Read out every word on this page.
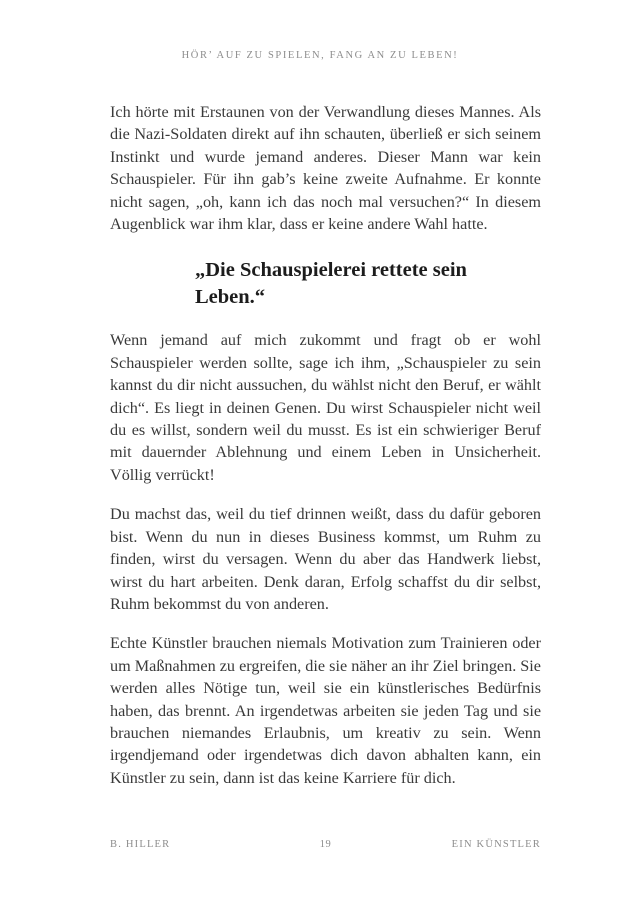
HÖR’ AUF ZU SPIELEN, FANG AN ZU LEBEN!

Ich hörte mit Erstaunen von der Verwandlung dieses Mannes. Als die Nazi-Soldaten direkt auf ihn schauten, überließ er sich seinem Instinkt und wurde jemand anderes. Dieser Mann war kein Schauspieler. Für ihn gab’s keine zweite Aufnahme. Er konnte nicht sagen, „oh, kann ich das noch mal versuchen?“ In diesem Augenblick war ihm klar, dass er keine andere Wahl hatte.

„Die Schauspielerei rettete sein Leben.“

Wenn jemand auf mich zukommt und fragt ob er wohl Schauspieler werden sollte, sage ich ihm, „Schauspieler zu sein kannst du dir nicht aussuchen, du wählst nicht den Beruf, er wählt dich“. Es liegt in deinen Genen. Du wirst Schauspieler nicht weil du es willst, sondern weil du musst. Es ist ein schwieriger Beruf mit dauernder Ablehnung und einem Leben in Unsicherheit. Völlig verrückt!

Du machst das, weil du tief drinnen weißt, dass du dafür geboren bist. Wenn du nun in dieses Business kommst, um Ruhm zu finden, wirst du versagen. Wenn du aber das Handwerk liebst, wirst du hart arbeiten. Denk daran, Erfolg schaffst du dir selbst, Ruhm bekommst du von anderen.

Echte Künstler brauchen niemals Motivation zum Trainieren oder um Maßnahmen zu ergreifen, die sie näher an ihr Ziel bringen. Sie werden alles Nötige tun, weil sie ein künstlerisches Bedürfnis haben, das brennt. An irgendetwas arbeiten sie jeden Tag und sie brauchen niemandes Erlaubnis, um kreativ zu sein. Wenn irgendjemand oder irgendetwas dich davon abhalten kann, ein Künstler zu sein, dann ist das keine Karriere für dich.

B. HILLER	19	EIN KÜNSTLER
